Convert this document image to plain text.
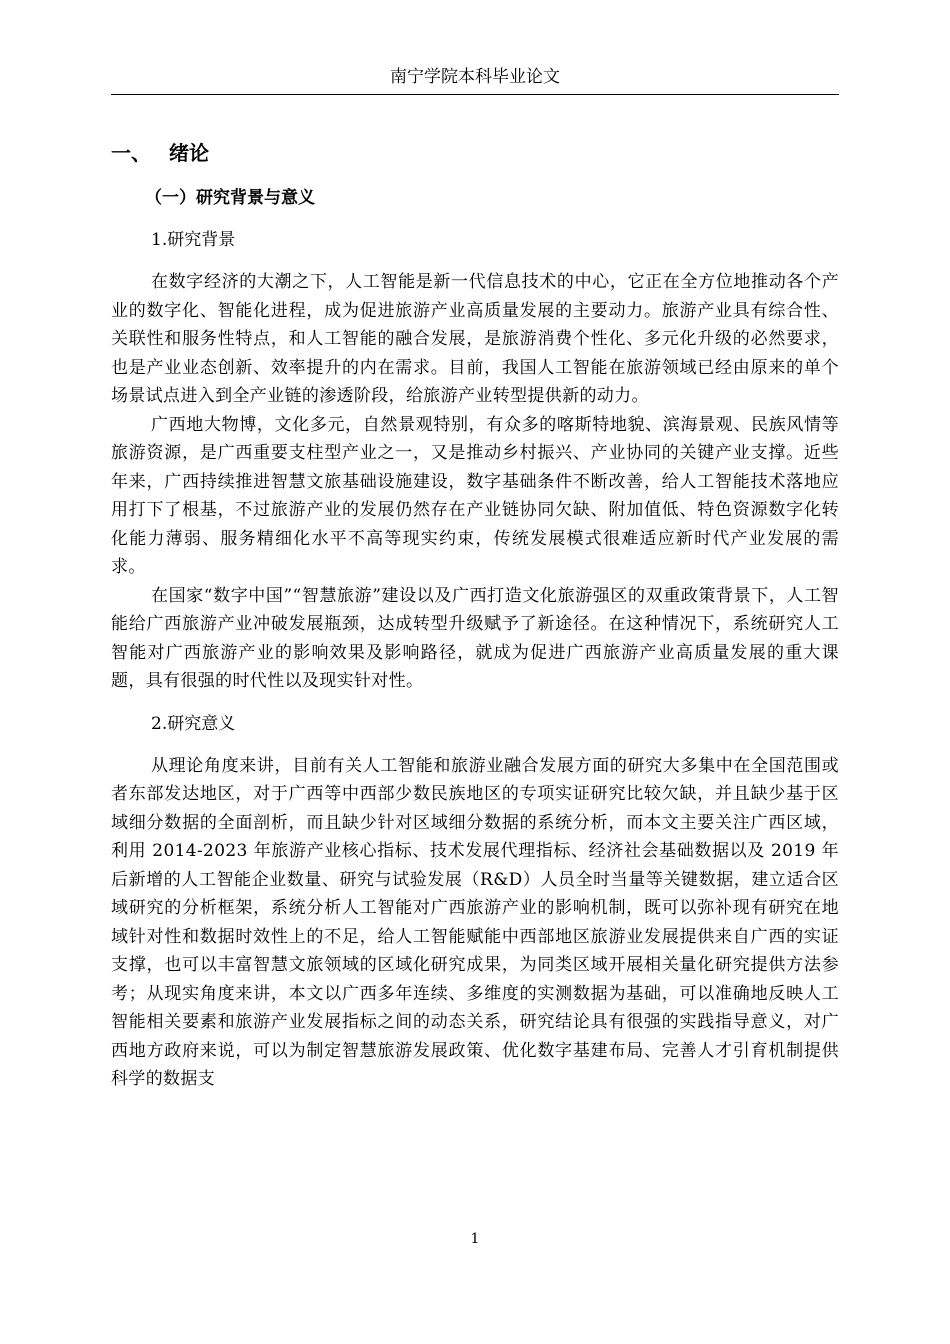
南宁学院本科毕业论文
一、 绪论
（一）研究背景与意义
1.研究背景

在数字经济的大潮之下，人工智能是新一代信息技术的中心，它正在全方位地推动各个产业的数字化、智能化进程，成为促进旅游产业高质量发展的主要动力。旅游产业具有综合性、关联性和服务性特点，和人工智能的融合发展，是旅游消费个性化、多元化升级的必然要求，也是产业业态创新、效率提升的内在需求。目前，我国人工智能在旅游领域已经由原来的单个场景试点进入到全产业链的渗透阶段，给旅游产业转型提供新的动力。

广西地大物博，文化多元，自然景观特别，有众多的喀斯特地貌、滨海景观、民族风情等旅游资源，是广西重要支柱型产业之一，又是推动乡村振兴、产业协同的关键产业支撑。近些年来，广西持续推进智慧文旅基础设施建设，数字基础条件不断改善，给人工智能技术落地应用打下了根基，不过旅游产业的发展仍然存在产业链协同欠缺、附加值低、特色资源数字化转化能力薄弱、服务精细化水平不高等现实约束，传统发展模式很难适应新时代产业发展的需求。

在国家“数字中国”“智慧旅游”建设以及广西打造文化旅游强区的双重政策背景下，人工智能给广西旅游产业冲破发展瓶颈，达成转型升级赋予了新途径。在这种情况下，系统研究人工智能对广西旅游产业的影响效果及影响路径，就成为促进广西旅游产业高质量发展的重大课题，具有很强的时代性以及现实针对性。

2.研究意义

从理论角度来讲，目前有关人工智能和旅游业融合发展方面的研究大多集中在全国范围或者东部发达地区，对于广西等中西部少数民族地区的专项实证研究比较欠缺，并且缺少基于区域细分数据的全面剖析，而且缺少针对区域细分数据的系统分析，而本文主要关注广西区域，利用 2014-2023 年旅游产业核心指标、技术发展代理指标、经济社会基础数据以及 2019 年后新增的人工智能企业数量、研究与试验发展（R&D）人员全时当量等关键数据，建立适合区域研究的分析框架，系统分析人工智能对广西旅游产业的影响机制，既可以弥补现有研究在地域针对性和数据时效性上的不足，给人工智能赋能中西部地区旅游业发展提供来自广西的实证支撑，也可以丰富智慧文旅领域的区域化研究成果，为同类区域开展相关量化研究提供方法参考；从现实角度来讲，本文以广西多年连续、多维度的实测数据为基础，可以准确地反映人工智能相关要素和旅游产业发展指标之间的动态关系，研究结论具有很强的实践指导意义，对广西地方政府来说，可以为制定智慧旅游发展政策、优化数字基建布局、完善人才引育机制提供科学的数据支

1
